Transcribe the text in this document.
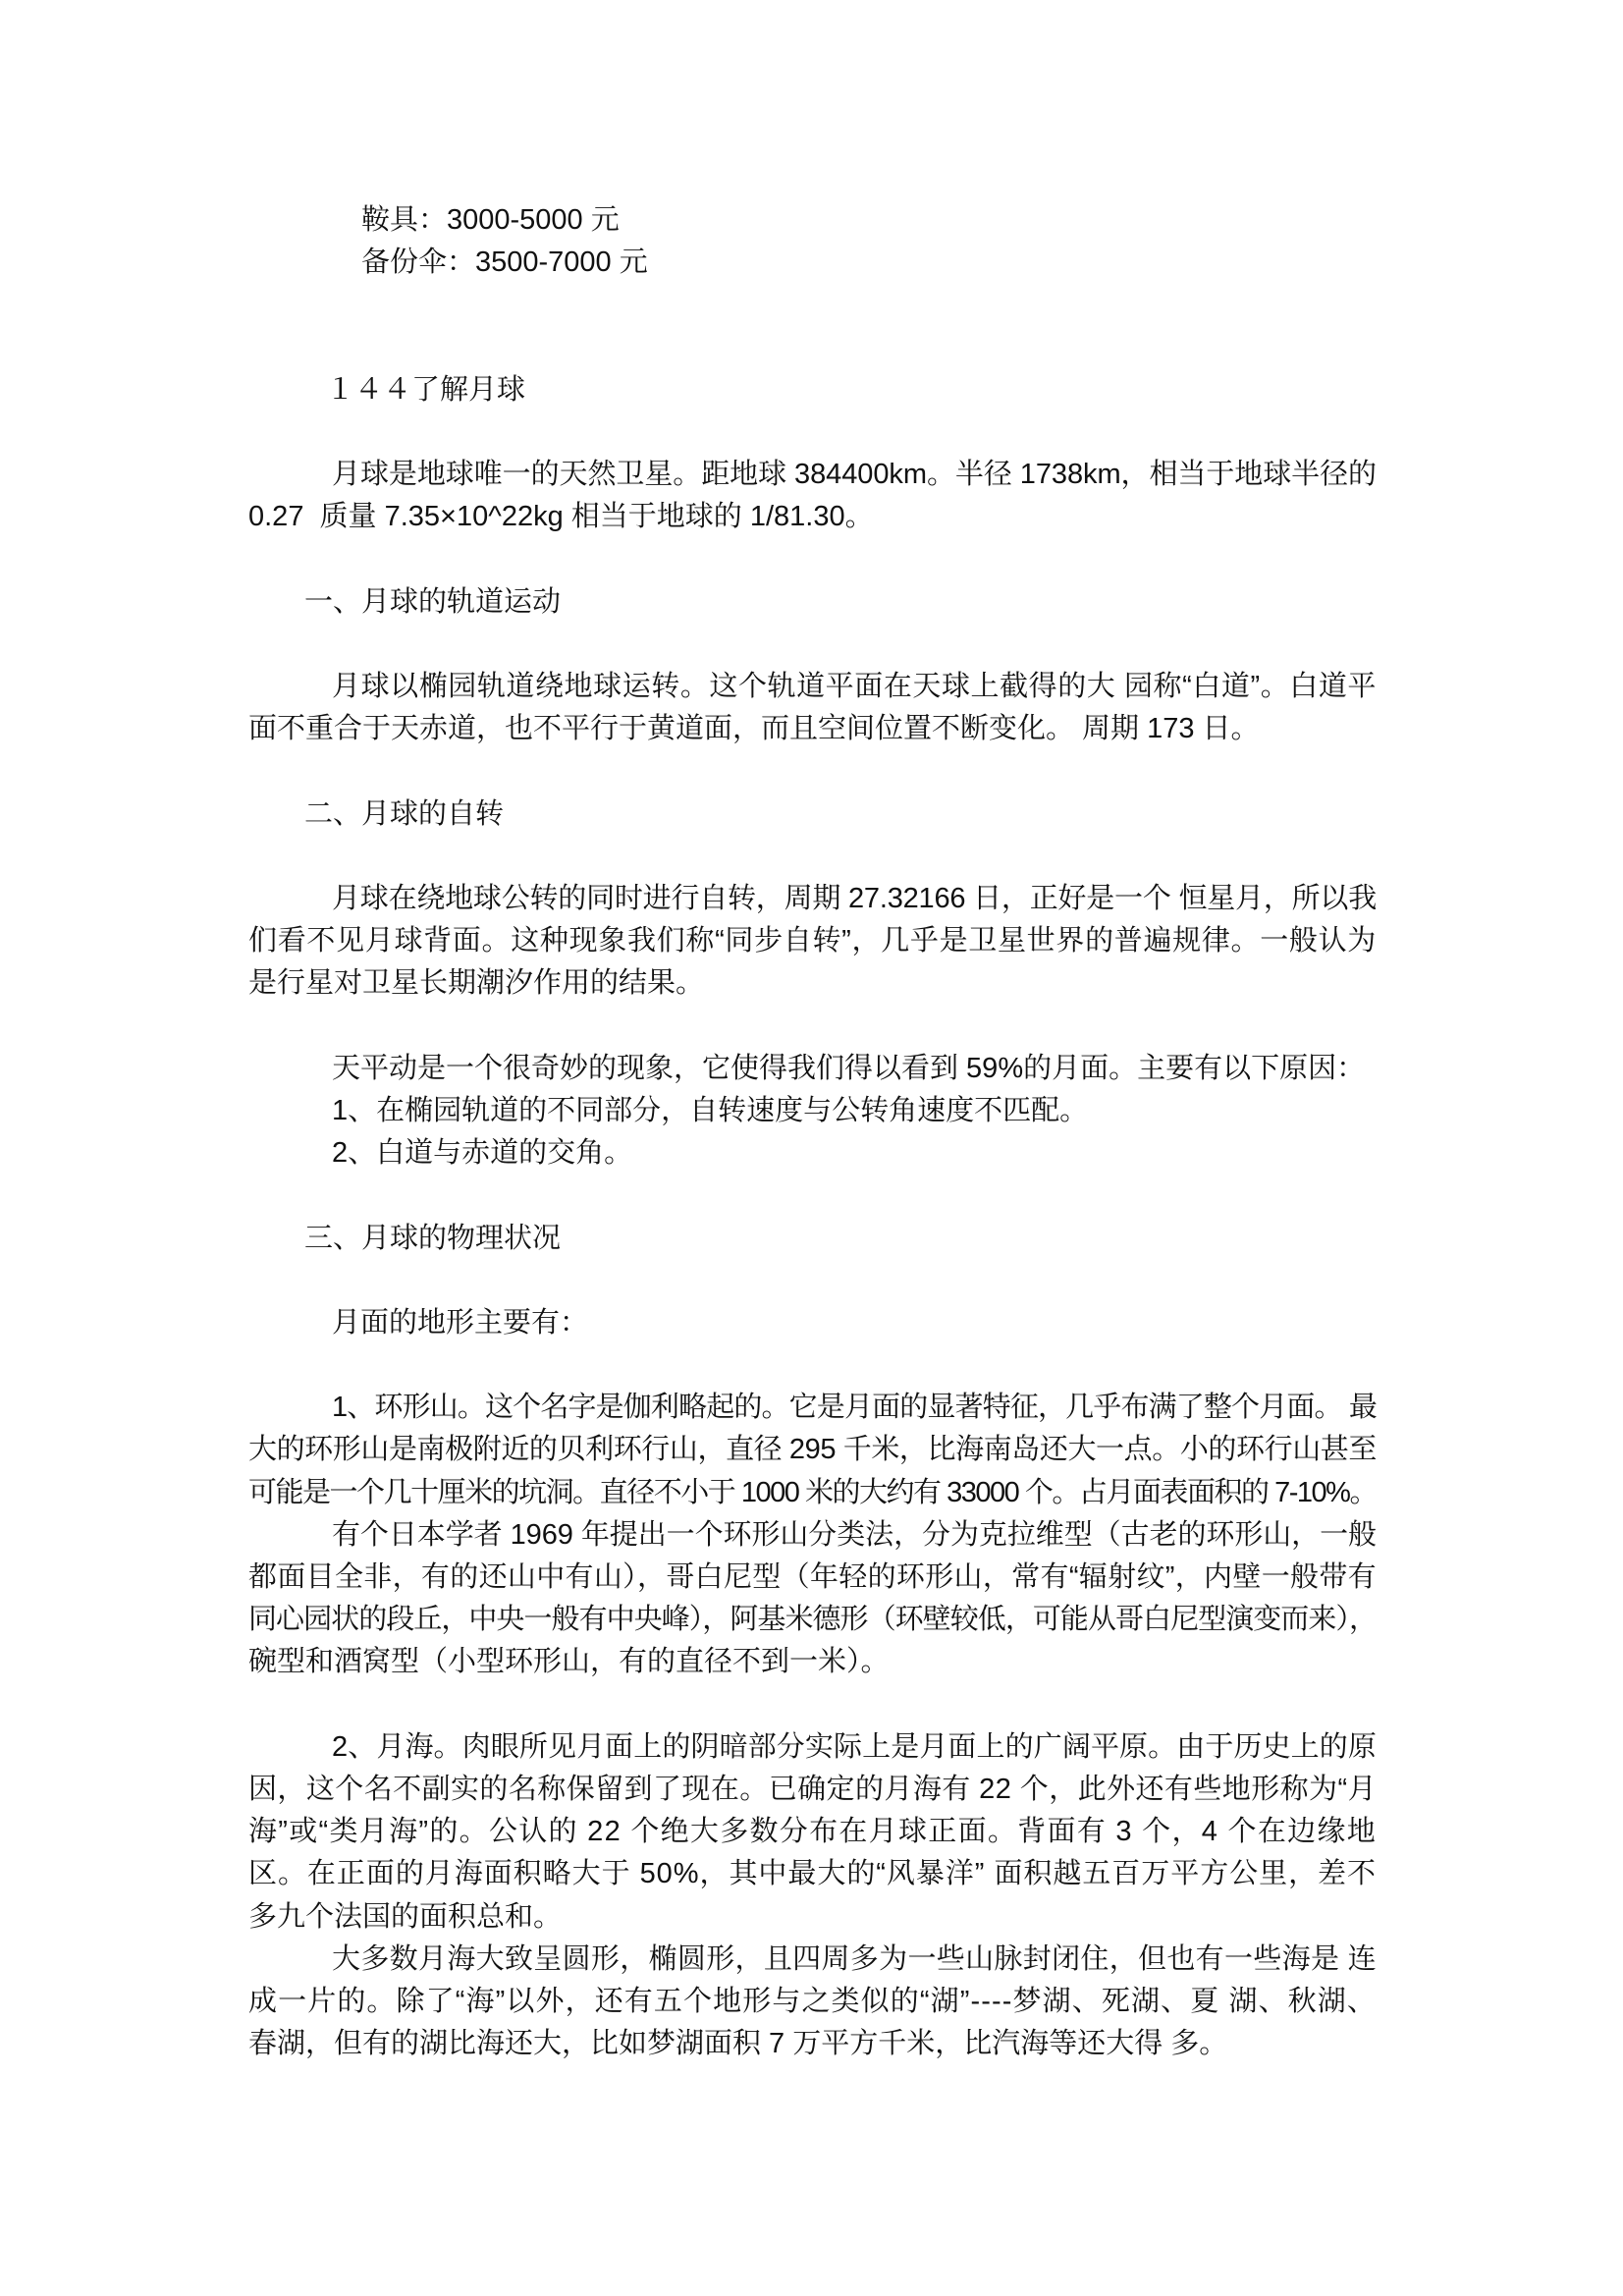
鞍具：3000-5000 元
备份伞：3500-7000 元
１４４了解月球
月球是地球唯一的天然卫星。距地球 384400km。半径 1738km，相当于地球半径的
0.27  质量 7.35×10^22kg 相当于地球的 1/81.30。
一、月球的轨道运动
月球以椭园轨道绕地球运转。这个轨道平面在天球上截得的大 园称“白道”。白道平
面不重合于天赤道，也不平行于黄道面，而且空间位置不断变化。 周期 173 日。
二、月球的自转
月球在绕地球公转的同时进行自转，周期 27.32166 日，正好是一个 恒星月，所以我
们看不见月球背面。这种现象我们称“同步自转”，几乎是卫星世界的普遍规律。一般认为
是行星对卫星长期潮汐作用的结果。
天平动是一个很奇妙的现象，它使得我们得以看到 59%的月面。主要有以下原因：
1、在椭园轨道的不同部分，自转速度与公转角速度不匹配。
2、白道与赤道的交角。
三、月球的物理状况
月面的地形主要有：
1、环形山。这个名字是伽利略起的。它是月面的显著特征，几乎布满了整个月面。 最
大的环形山是南极附近的贝利环行山，直径 295 千米，比海南岛还大一点。小的环行山甚至
可能是一个几十厘米的坑洞。直径不小于 1000 米的大约有 33000 个。占月面表面积的 7-10%。
有个日本学者 1969 年提出一个环形山分类法，分为克拉维型（古老的环形山，一般
都面目全非，有的还山中有山），哥白尼型（年轻的环形山，常有“辐射纹”，内壁一般带有
同心园状的段丘，中央一般有中央峰），阿基米德形（环壁较低，可能从哥白尼型演变而来），
碗型和酒窝型（小型环形山，有的直径不到一米）。
2、月海。肉眼所见月面上的阴暗部分实际上是月面上的广阔平原。由于历史上的原
因，这个名不副实的名称保留到了现在。已确定的月海有 22 个，此外还有些地形称为“月
海”或“类月海”的。公认的 22 个绝大多数分布在月球正面。背面有 3 个，4 个在边缘地
区。在正面的月海面积略大于 50%，其中最大的“风暴洋” 面积越五百万平方公里，差不
多九个法国的面积总和。
大多数月海大致呈圆形，椭圆形，且四周多为一些山脉封闭住，但也有一些海是 连
成一片的。除了“海”以外，还有五个地形与之类似的“湖”----梦湖、死湖、夏 湖、秋湖、
春湖，但有的湖比海还大，比如梦湖面积 7 万平方千米，比汽海等还大得 多。
